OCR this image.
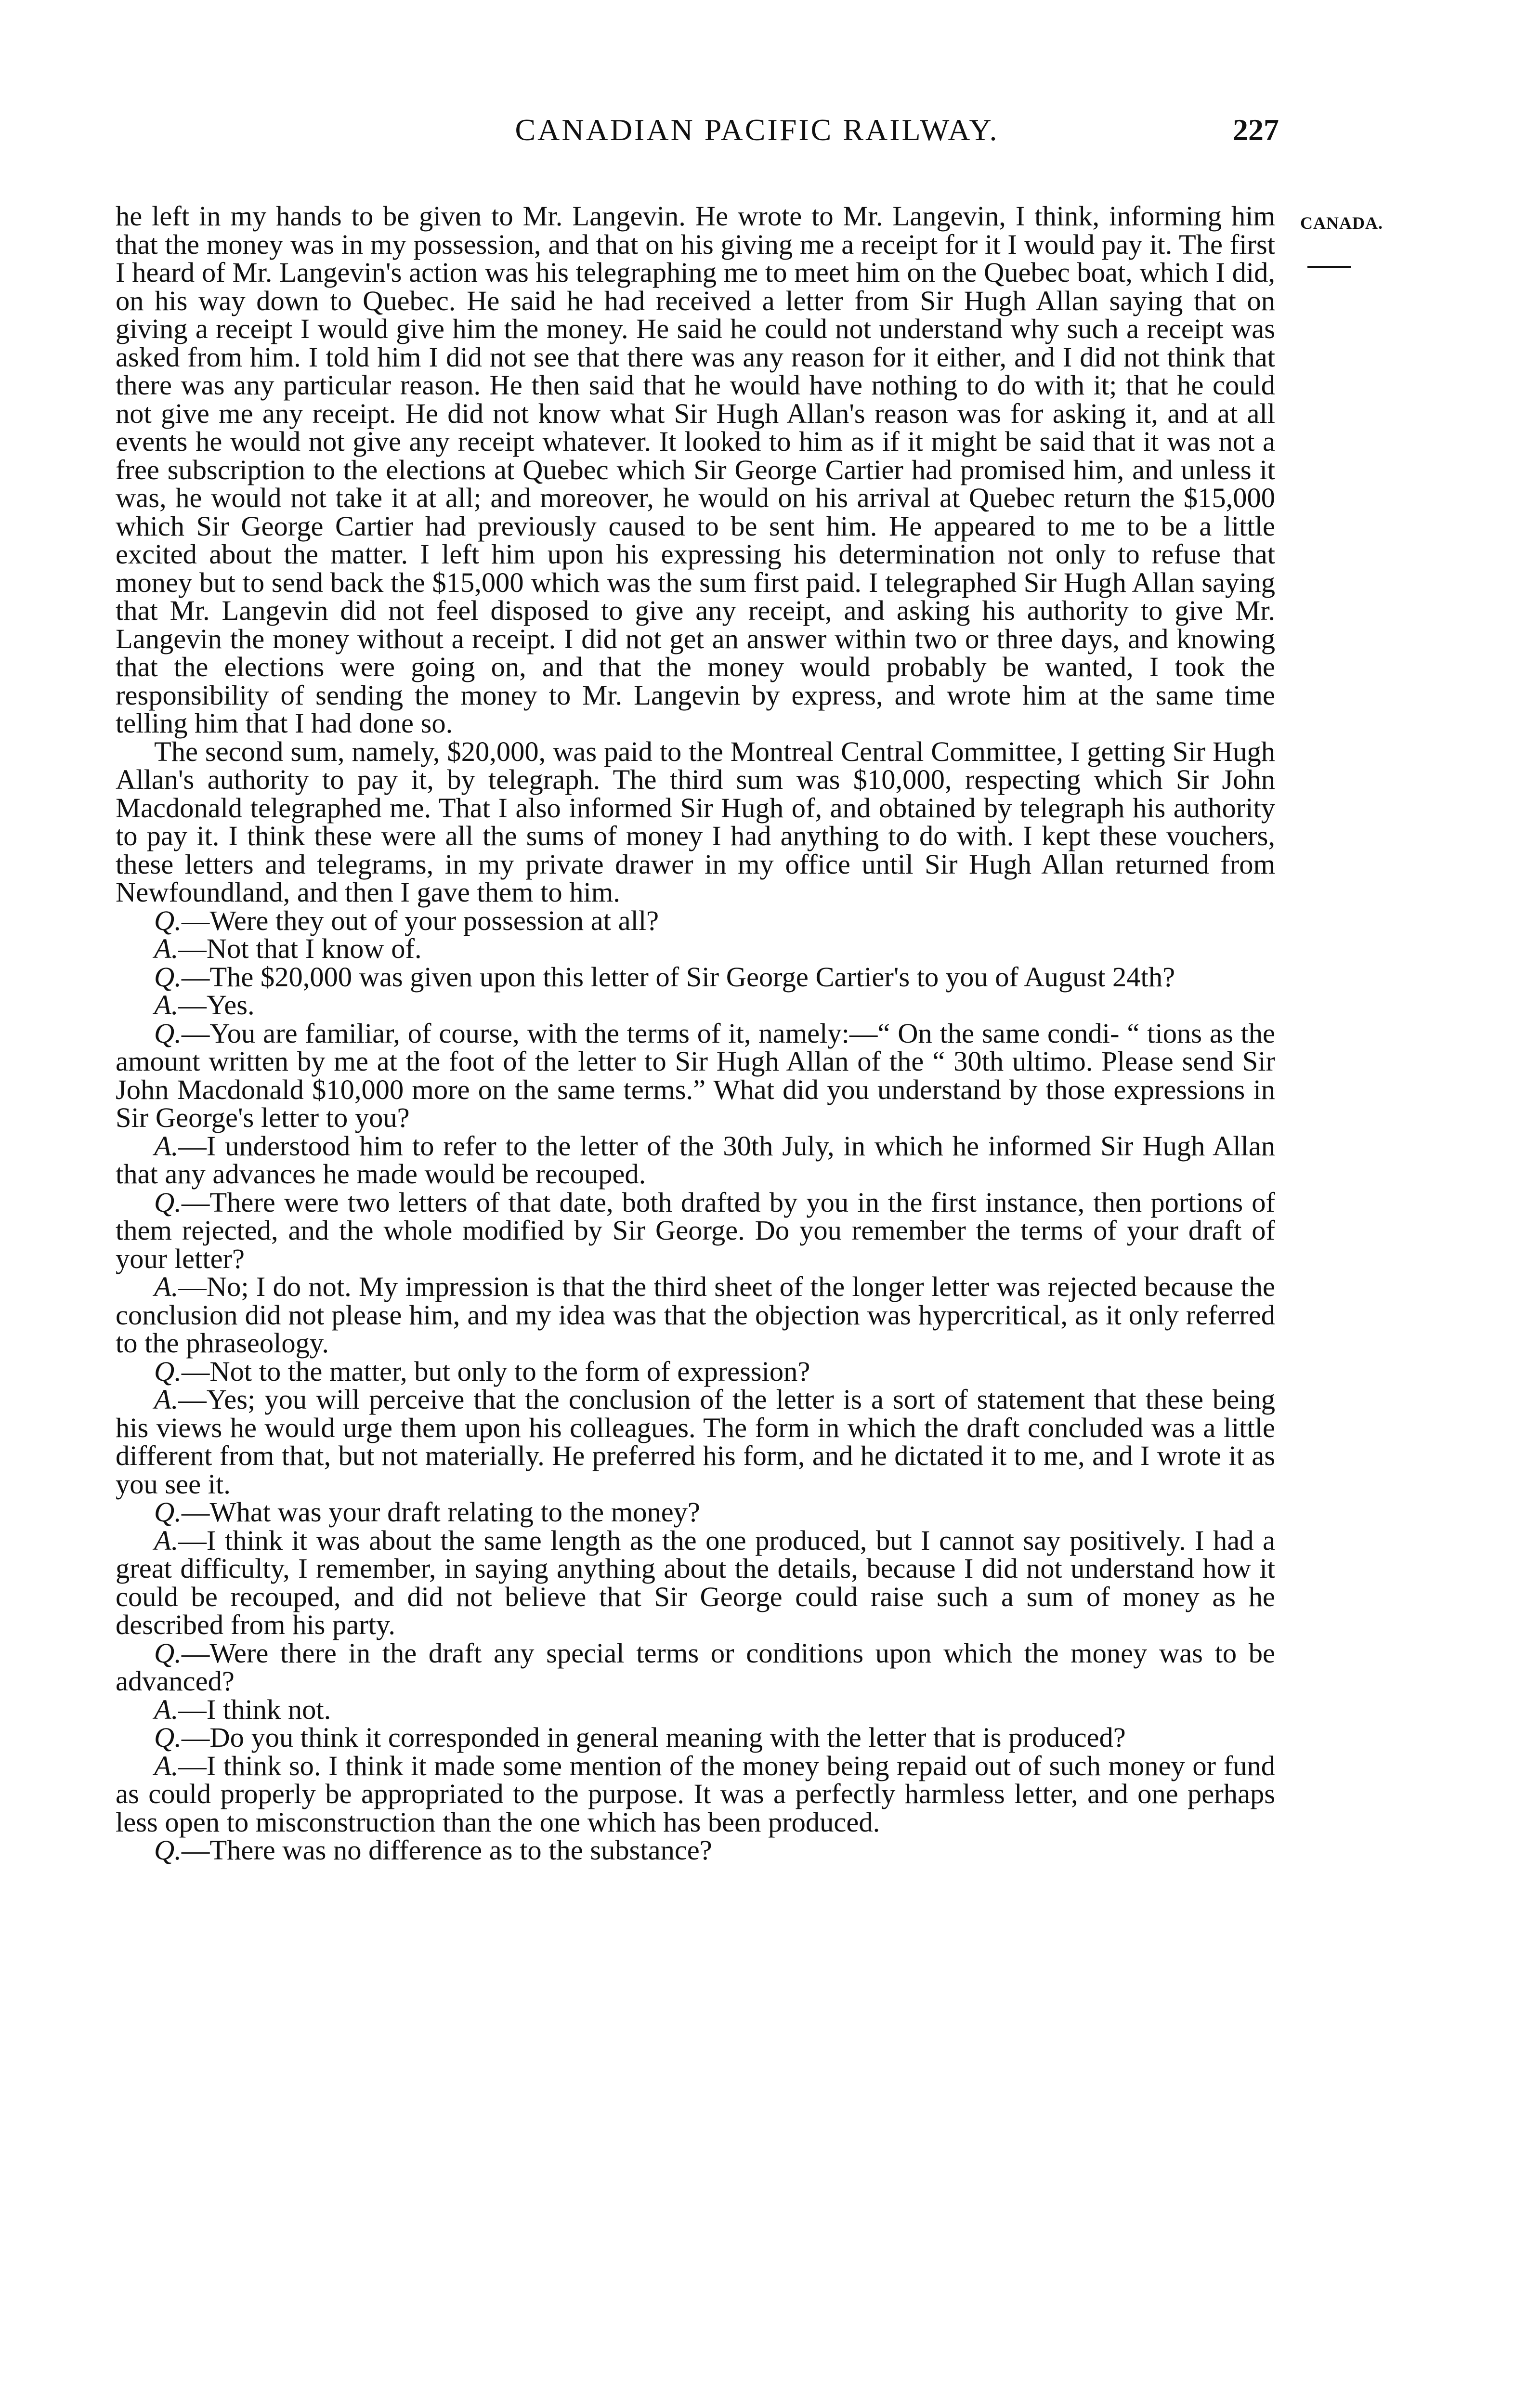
CANADIAN PACIFIC RAILWAY.	227
CANADA.

he left in my hands to be given to Mr. Langevin. He wrote to Mr. Langevin, I think, informing him that the money was in my possession, and that on his giving me a receipt for it I would pay it. The first I heard of Mr. Langevin's action was his telegraphing me to meet him on the Quebec boat, which I did, on his way down to Quebec. He said he had received a letter from Sir Hugh Allan saying that on giving a receipt I would give him the money. He said he could not understand why such a receipt was asked from him. I told him I did not see that there was any reason for it either, and I did not think that there was any particular reason. He then said that he would have nothing to do with it; that he could not give me any receipt. He did not know what Sir Hugh Allan's reason was for asking it, and at all events he would not give any receipt whatever. It looked to him as if it might be said that it was not a free subscription to the elections at Quebec which Sir George Cartier had promised him, and unless it was, he would not take it at all; and moreover, he would on his arrival at Quebec return the $15,000 which Sir George Cartier had previously caused to be sent him. He appeared to me to be a little excited about the matter. I left him upon his expressing his determination not only to refuse that money but to send back the $15,000 which was the sum first paid. I telegraphed Sir Hugh Allan saying that Mr. Langevin did not feel disposed to give any receipt, and asking his authority to give Mr. Langevin the money without a receipt. I did not get an answer within two or three days, and knowing that the elections were going on, and that the money would probably be wanted, I took the responsibility of sending the money to Mr. Langevin by express, and wrote him at the same time telling him that I had done so.

The second sum, namely, $20,000, was paid to the Montreal Central Committee, I getting Sir Hugh Allan's authority to pay it, by telegraph. The third sum was $10,000, respecting which Sir John Macdonald telegraphed me. That I also informed Sir Hugh of, and obtained by telegraph his authority to pay it. I think these were all the sums of money I had anything to do with. I kept these vouchers, these letters and telegrams, in my private drawer in my office until Sir Hugh Allan returned from Newfoundland, and then I gave them to him.

Q.—Were they out of your possession at all?

A.—Not that I know of.

Q.—The $20,000 was given upon this letter of Sir George Cartier's to you of August 24th?

A.—Yes.

Q.—You are familiar, of course, with the terms of it, namely:—“ On the same condi- “ tions as the amount written by me at the foot of the letter to Sir Hugh Allan of the “ 30th ultimo. Please send Sir John Macdonald $10,000 more on the same terms.” What did you understand by those expressions in Sir George's letter to you?

A.—I understood him to refer to the letter of the 30th July, in which he informed Sir Hugh Allan that any advances he made would be recouped.

Q.—There were two letters of that date, both drafted by you in the first instance, then portions of them rejected, and the whole modified by Sir George. Do you remember the terms of your draft of your letter?

A.—No; I do not. My impression is that the third sheet of the longer letter was rejected because the conclusion did not please him, and my idea was that the objection was hypercritical, as it only referred to the phraseology.

Q.—Not to the matter, but only to the form of expression?

A.—Yes; you will perceive that the conclusion of the letter is a sort of statement that these being his views he would urge them upon his colleagues. The form in which the draft concluded was a little different from that, but not materially. He preferred his form, and he dictated it to me, and I wrote it as you see it.

Q.—What was your draft relating to the money?

A.—I think it was about the same length as the one produced, but I cannot say positively. I had a great difficulty, I remember, in saying anything about the details, because I did not understand how it could be recouped, and did not believe that Sir George could raise such a sum of money as he described from his party.

Q.—Were there in the draft any special terms or conditions upon which the money was to be advanced?

A.—I think not.

Q.—Do you think it corresponded in general meaning with the letter that is produced?

A.—I think so. I think it made some mention of the money being repaid out of such money or fund as could properly be appropriated to the purpose. It was a perfectly harmless letter, and one perhaps less open to misconstruction than the one which has been produced.

Q.—There was no difference as to the substance?
